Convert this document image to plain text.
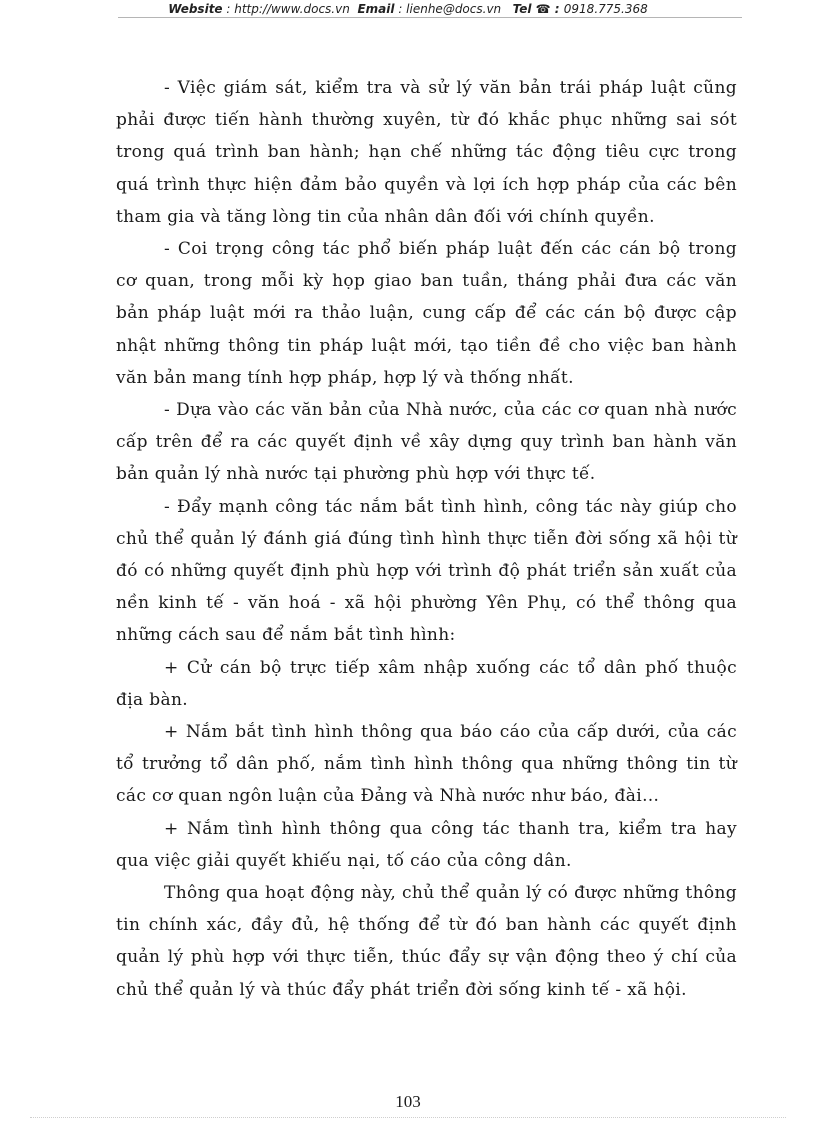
Website : http://www.docs.vn Email : lienhe@docs.vn Tel ☎ : 0918.775.368

- Việc giám sát, kiểm tra và sử lý văn bản trái pháp luật cũng phải được tiến hành thường xuyên, từ đó khắc phục những sai sót trong quá trình ban hành; hạn chế những tác động tiêu cực trong quá trình thực hiện đảm bảo quyền và lợi ích hợp pháp của các bên tham gia và tăng lòng tin của nhân dân đối với chính quyền.

- Coi trọng công tác phổ biến pháp luật đến các cán bộ trong cơ quan, trong mỗi kỳ họp giao ban tuần, tháng phải đưa các văn bản pháp luật mới ra thảo luận, cung cấp để các cán bộ được cập nhật những thông tin pháp luật mới, tạo tiền đề cho việc ban hành văn bản mang tính hợp pháp, hợp lý và thống nhất.

- Dựa vào các văn bản của Nhà nước, của các cơ quan nhà nước cấp trên để ra các quyết định về xây dựng quy trình ban hành văn bản quản lý nhà nước tại phường phù hợp với thực tế.

- Đẩy mạnh công tác nắm bắt tình hình, công tác này giúp cho chủ thể quản lý đánh giá đúng tình hình thực tiễn đời sống xã hội từ đó có những quyết định phù hợp với trình độ phát triển sản xuất của nền kinh tế - văn hoá - xã hội phường Yên Phụ, có thể thông qua những cách sau để nắm bắt tình hình:

+ Cử cán bộ trực tiếp xâm nhập xuống các tổ dân phố thuộc địa bàn.

+ Nắm bắt tình hình thông qua báo cáo của cấp dưới, của các tổ trưởng tổ dân phố, nắm tình hình thông qua những thông tin từ các cơ quan ngôn luận của Đảng và Nhà nước như báo, đài…

+ Nắm tình hình thông qua công tác thanh tra, kiểm tra hay qua việc giải quyết khiếu nại, tố cáo của công dân.

Thông qua hoạt động này, chủ thể quản lý có được những thông tin chính xác, đầy đủ, hệ thống để từ đó ban hành các quyết định quản lý phù hợp với thực tiễn, thúc đẩy sự vận động theo ý chí của chủ thể quản lý và thúc đẩy phát triển đời sống kinh tế - xã hội.

103
